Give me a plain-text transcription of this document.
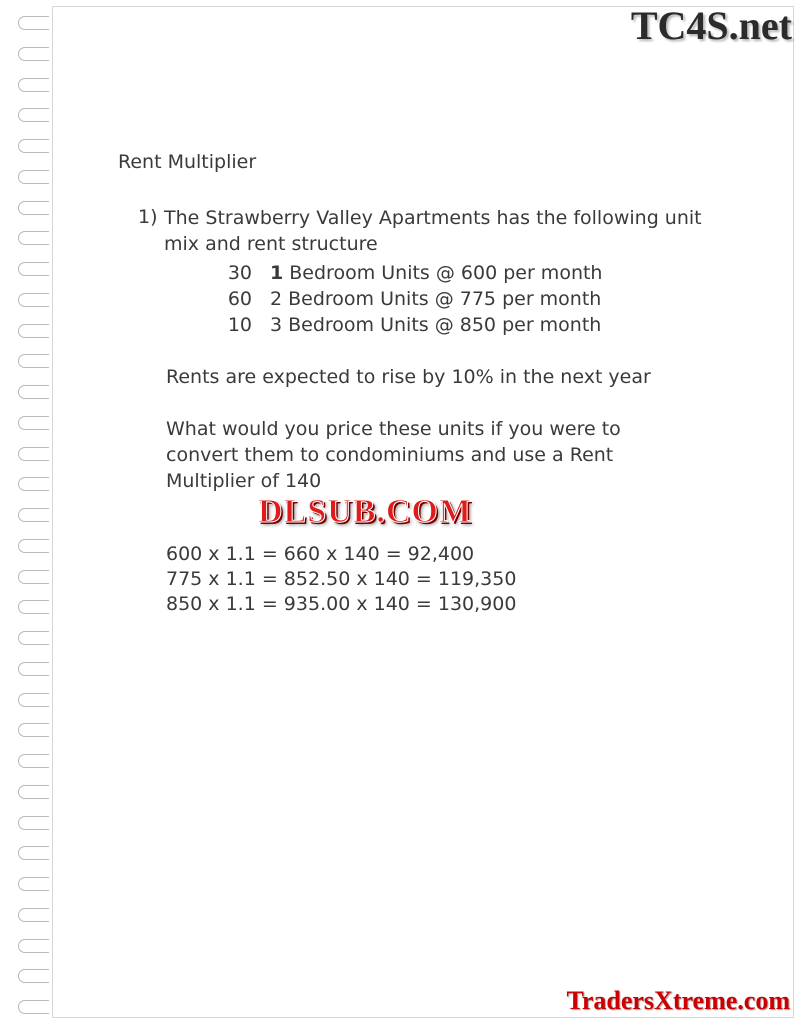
TC4S.net
Rent Multiplier
1) The Strawberry Valley Apartments has the following unit mix and rent structure
30	1 Bedroom Units @ 600 per month
60	2 Bedroom Units @ 775 per month
10	3 Bedroom Units @ 850 per month
Rents are expected to rise by 10% in the next year
What would you price these units if you were to convert them to condominiums and use a Rent Multiplier of 140
600 x 1.1 = 660 x 140 = 92,400
775 x 1.1 = 852.50 x 140 = 119,350
850 x 1.1 = 935.00 x 140 = 130,900
DLSUB.COM
TradersXtreme.com
